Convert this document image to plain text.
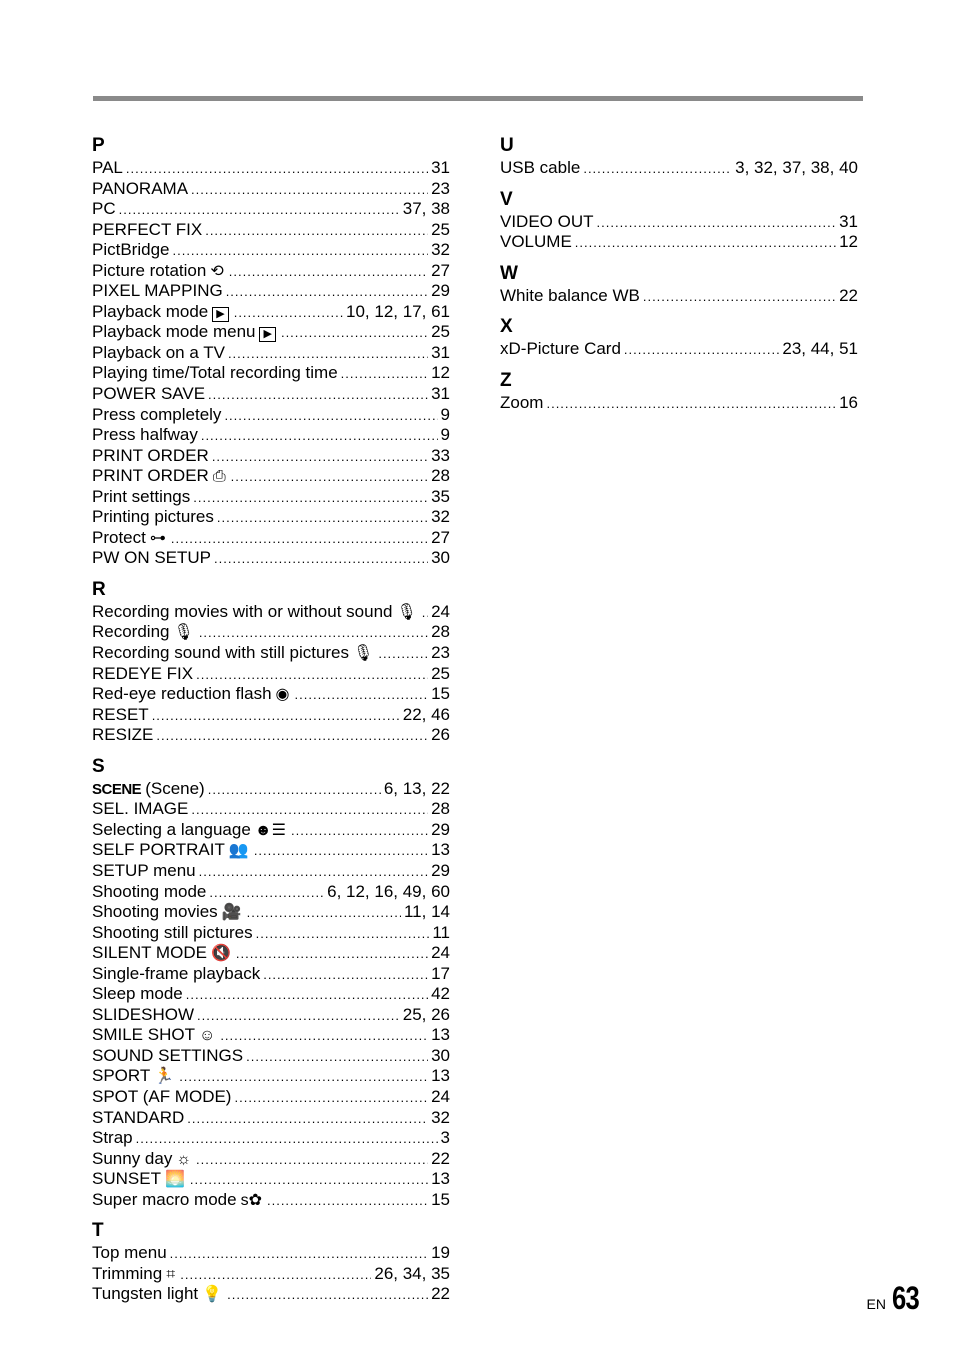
P
PAL .....	31
PANORAMA .....	23
PC .....	37, 38
PERFECT FIX .....	25
PictBridge .....	32
Picture rotation ⟲ .....	27
PIXEL MAPPING .....	29
Playback mode ▶ .....	10, 12, 17, 61
Playback mode menu ▶ .....	25
Playback on a TV .....	31
Playing time/Total recording time .....	12
POWER SAVE .....	31
Press completely .....	9
Press halfway .....	9
PRINT ORDER .....	33
PRINT ORDER ⎙ .....	28
Print settings .....	35
Printing pictures .....	32
Protect ⊶ .....	27
PW ON SETUP .....	30
R
Recording movies with or without sound 🎙 ..... 24
Recording 🎙 .....	28
Recording sound with still pictures 🎙 .....	23
REDEYE FIX .....	25
Red-eye reduction flash ◉ .....	15
RESET .....	22, 46
RESIZE .....	26
S
SCENE (Scene) .....	6, 13, 22
SEL. IMAGE .....	28
Selecting a language ☻☰ .....	29
SELF PORTRAIT 👥 .....	13
SETUP menu .....	29
Shooting mode .....	6, 12, 16, 49, 60
Shooting movies 🎥 .....	11, 14
Shooting still pictures .....	11
SILENT MODE 🔇 .....	24
Single-frame playback .....	17
Sleep mode .....	42
SLIDESHOW .....	25, 26
SMILE SHOT ☺ .....	13
SOUND SETTINGS .....	30
SPORT 🏃 .....	13
SPOT (AF MODE) .....	24
STANDARD .....	32
Strap .....	3
Sunny day ☼ .....	22
SUNSET 🌅 .....	13
Super macro mode s✿ .....	15
T
Top menu .....	19
Trimming ⌗ .....	26, 34, 35
Tungsten light 💡 .....	22
U
USB cable .....	3, 32, 37, 38, 40
V
VIDEO OUT .....	31
VOLUME .....	12
W
White balance WB .....	22
X
xD-Picture Card .....	23, 44, 51
Z
Zoom .....	16
EN 63
